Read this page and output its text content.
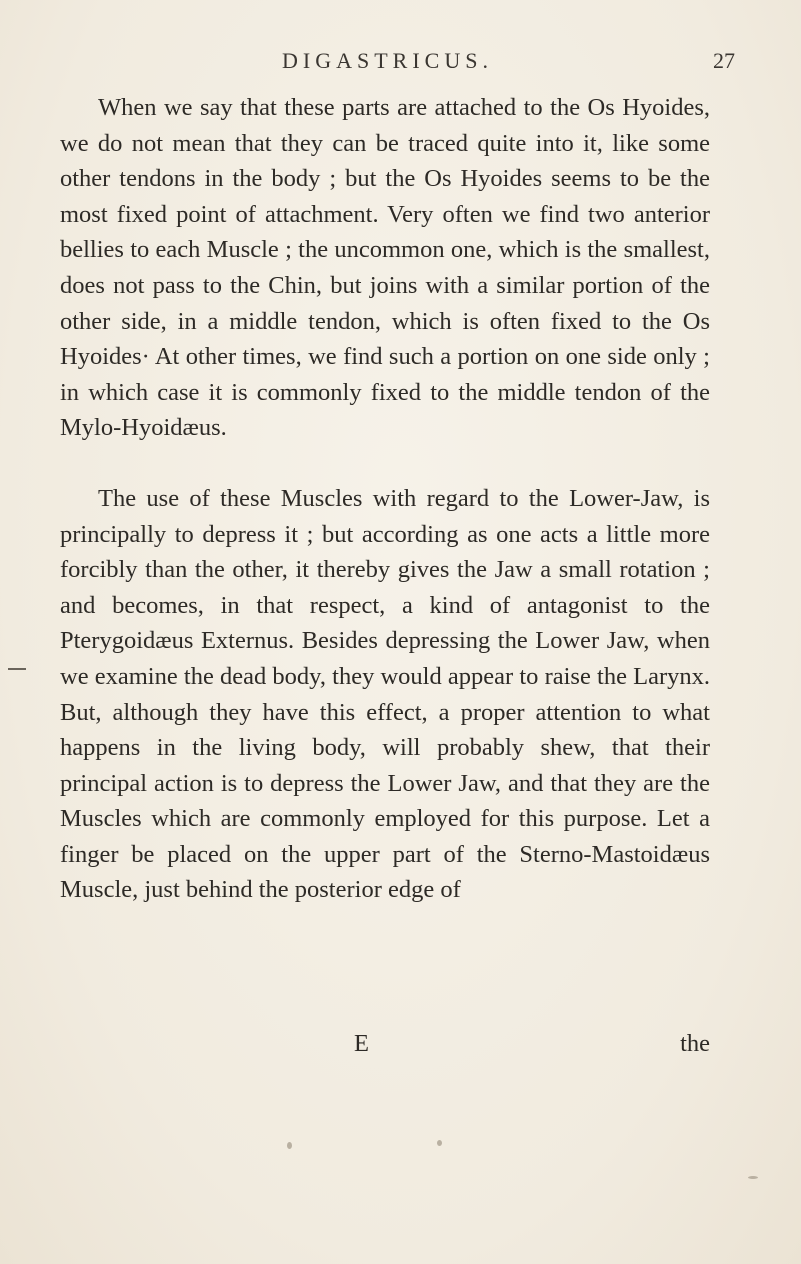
DIGASTRICUS.	27

When we say that these parts are attached to the Os Hyoides, we do not mean that they can be traced quite into it, like some other tendons in the body ; but the Os Hyoides seems to be the most fixed point of attachment. Very often we find two anterior bellies to each Muscle ; the uncommon one, which is the smallest, does not pass to the Chin, but joins with a similar portion of the other side, in a middle tendon, which is often fixed to the Os Hyoides· At other times, we find such a portion on one side only ; in which case it is commonly fixed to the middle tendon of the Mylo-Hyoidæus.

The use of these Muscles with regard to the Lower-Jaw, is principally to depress it ; but according as one acts a little more forcibly than the other, it thereby gives the Jaw a small rotation ; and becomes, in that respect, a kind of antagonist to the Pterygoidæus Externus. Besides depressing the Lower Jaw, when we examine the dead body, they would appear to raise the Larynx. But, although they have this effect, a proper attention to what happens in the living body, will probably shew, that their principal action is to depress the Lower Jaw, and that they are the Muscles which are commonly employed for this purpose. Let a finger be placed on the upper part of the Sterno-Mastoidæus Muscle, just behind the posterior edge of

E	the
